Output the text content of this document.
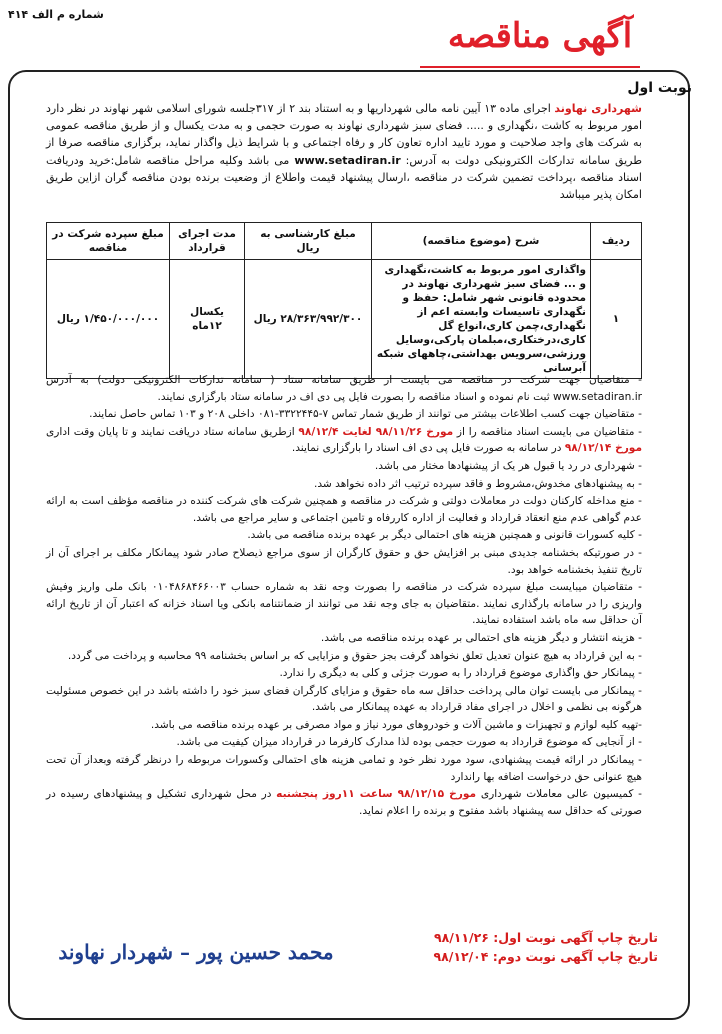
شماره م الف ۴۱۴
آگهی مناقصه
نوبت اول
شهرداری نهاوند اجرای ماده ۱۳ آیین نامه مالی شهرداریها و به استناد بند ۲ از ۳۱۷جلسه شورای اسلامی شهر نهاوند در نظر دارد امور مربوط به کاشت ،نگهداری و ..... فضای سبز شهرداری نهاوند به صورت حجمی و به مدت یکسال و از طریق مناقصه عمومی به شرکت های واجد صلاحیت و مورد تایید اداره تعاون کار و رفاه اجتماعی و با شرایط ذیل واگذار نماید، برگزاری مناقصه صرفا از طریق سامانه تدارکات الکترونیکی دولت به آدرس: www.setadiran.ir می باشد وکلیه مراحل مناقصه شامل:خرید ودریافت اسناد مناقصه ،پرداخت تضمین شرکت در مناقصه ،ارسال پیشنهاد قیمت واطلاع از وضعیت برنده بودن مناقصه گران ازاین طریق امکان پذیر میباشد
ردیف	شرح (موضوع مناقصه)	مبلغ کارشناسی به ریال	مدت اجرای قرارداد	مبلغ سپرده شرکت در مناقصه
۱	واگذاری امور مربوط به کاشت،نگهداری و ... فضای سبز شهرداری نهاوند در محدوده قانونی شهر شامل: حفظ و نگهداری تاسیسات وابسته اعم از نگهداری،چمن کاری،انواع گل کاری،درختکاری،مبلمان پارکی،وسایل ورزشی،سرویس بهداشتی،چاههای شبکه آبرسانی	۲۸/۳۶۳/۹۹۲/۳۰۰ ریال	یکسال ۱۲ماه	۱/۴۵۰/۰۰۰/۰۰۰ ریال

- متقاضیان جهت شرکت در مناقصه می بایست از طریق سامانه ستاد ( سامانه تدارکات الکترونیکی دولت) به آدرس www.setadiran.ir ثبت نام نموده و اسناد مناقصه را بصورت فایل پی دی اف در سامانه ستاد بارگزاری نمایند.

- متقاضیان جهت کسب اطلاعات بیشتر می توانند از طریق شمار تماس ۷-۳۳۲۲۴۴۵-۰۸۱ داخلی ۲۰۸ و ۱۰۳ تماس حاصل نمایند.

- متقاضیان می بایست اسناد مناقصه را از مورخ ۹۸/۱۱/۲۶ لغایت ۹۸/۱۲/۴ ازطریق سامانه ستاد دریافت نمایند و تا پایان وقت اداری مورخ ۹۸/۱۲/۱۴ در سامانه به صورت فایل پی دی اف اسناد را بارگزاری نمایند.

- شهرداری در رد یا قبول هر یک از پیشنهادها مختار می باشد.

- به پیشنهادهای مخدوش،مشروط و فاقد سپرده ترتیب اثر داده نخواهد شد.

- منع مداخله کارکنان دولت در معاملات دولتی و شرکت در مناقصه و همچنین شرکت های شرکت کننده در مناقصه مؤظف است به ارائه عدم گواهی عدم منع انعقاد قرارداد و فعالیت از اداره کاررفاه و تامین اجتماعی و سایر مراجع می باشد.

- کلیه کسورات قانونی و همچنین هزینه های احتمالی دیگر بر عهده برنده مناقصه می باشد.

- در صورتیکه بخشنامه جدیدی مبنی بر افزایش حق و حقوق کارگران از سوی مراجع ذیصلاح صادر شود پیمانکار مکلف بر اجرای آن از تاریخ تنفیذ بخشنامه خواهد بود.

- متقاضیان میبایست مبلغ سپرده شرکت در مناقصه را بصورت وجه نقد به شماره حساب ۰۱۰۴۸۶۸۴۶۶۰۰۳ بانک ملی واریز وفیش واریزی را در سامانه بارگذاری نمایند .متقاضیان به جای وجه نقد می توانند از ضمانتنامه بانکی ویا اسناد خزانه که اعتبار آن از تاریخ ارائه آن حداقل سه ماه باشد استفاده نمایند.

- هزینه انتشار و دیگر هزینه های احتمالی بر عهده برنده مناقصه می باشد.

- به این قرارداد به هیچ عنوان تعدیل تعلق نخواهد گرفت بجز حقوق و مزایایی که بر اساس بخشنامه ۹۹ محاسبه و پرداخت می گردد.

- پیمانکار حق واگذاری موضوع قرارداد را به صورت جزئی و کلی به دیگری را ندارد.

- پیمانکار می بایست توان مالی پرداخت حداقل سه ماه حقوق و مزایای کارگران فضای سبز خود را داشته باشد در این خصوص مسئولیت هرگونه بی نظمی و اخلال در اجرای مفاد قرارداد به عهده پیمانکار می باشد.

-تهیه کلیه لوازم و تجهیزات و ماشین آلات و خودروهای مورد نیاز و مواد مصرفی بر عهده برنده مناقصه می باشد.

- از آنجایی که موضوع قرارداد به صورت حجمی بوده لذا مدارک کارفرما در قرارداد میزان کیفیت می باشد.

- پیمانکار در ارائه قیمت پیشنهادی، سود مورد نظر خود و تمامی هزینه های احتمالی وکسورات مربوطه را درنظر گرفته وبعداز آن تحت هیچ عنوانی حق درخواست اضافه بها راندارد

- کمیسیون عالی معاملات شهرداری مورخ ۹۸/۱۲/۱۵ ساعت ۱۱روز پنجشنبه در محل شهرداری تشکیل و پیشنهادهای رسیده در صورتی که حداقل سه پیشنهاد باشد مفتوح و برنده را اعلام نماید.

تاریخ چاپ آگهی نوبت اول: ۹۸/۱۱/۲۶
تاریخ چاپ آگهی نوبت دوم: ۹۸/۱۲/۰۴
محمد حسین پور – شهردار نهاوند
